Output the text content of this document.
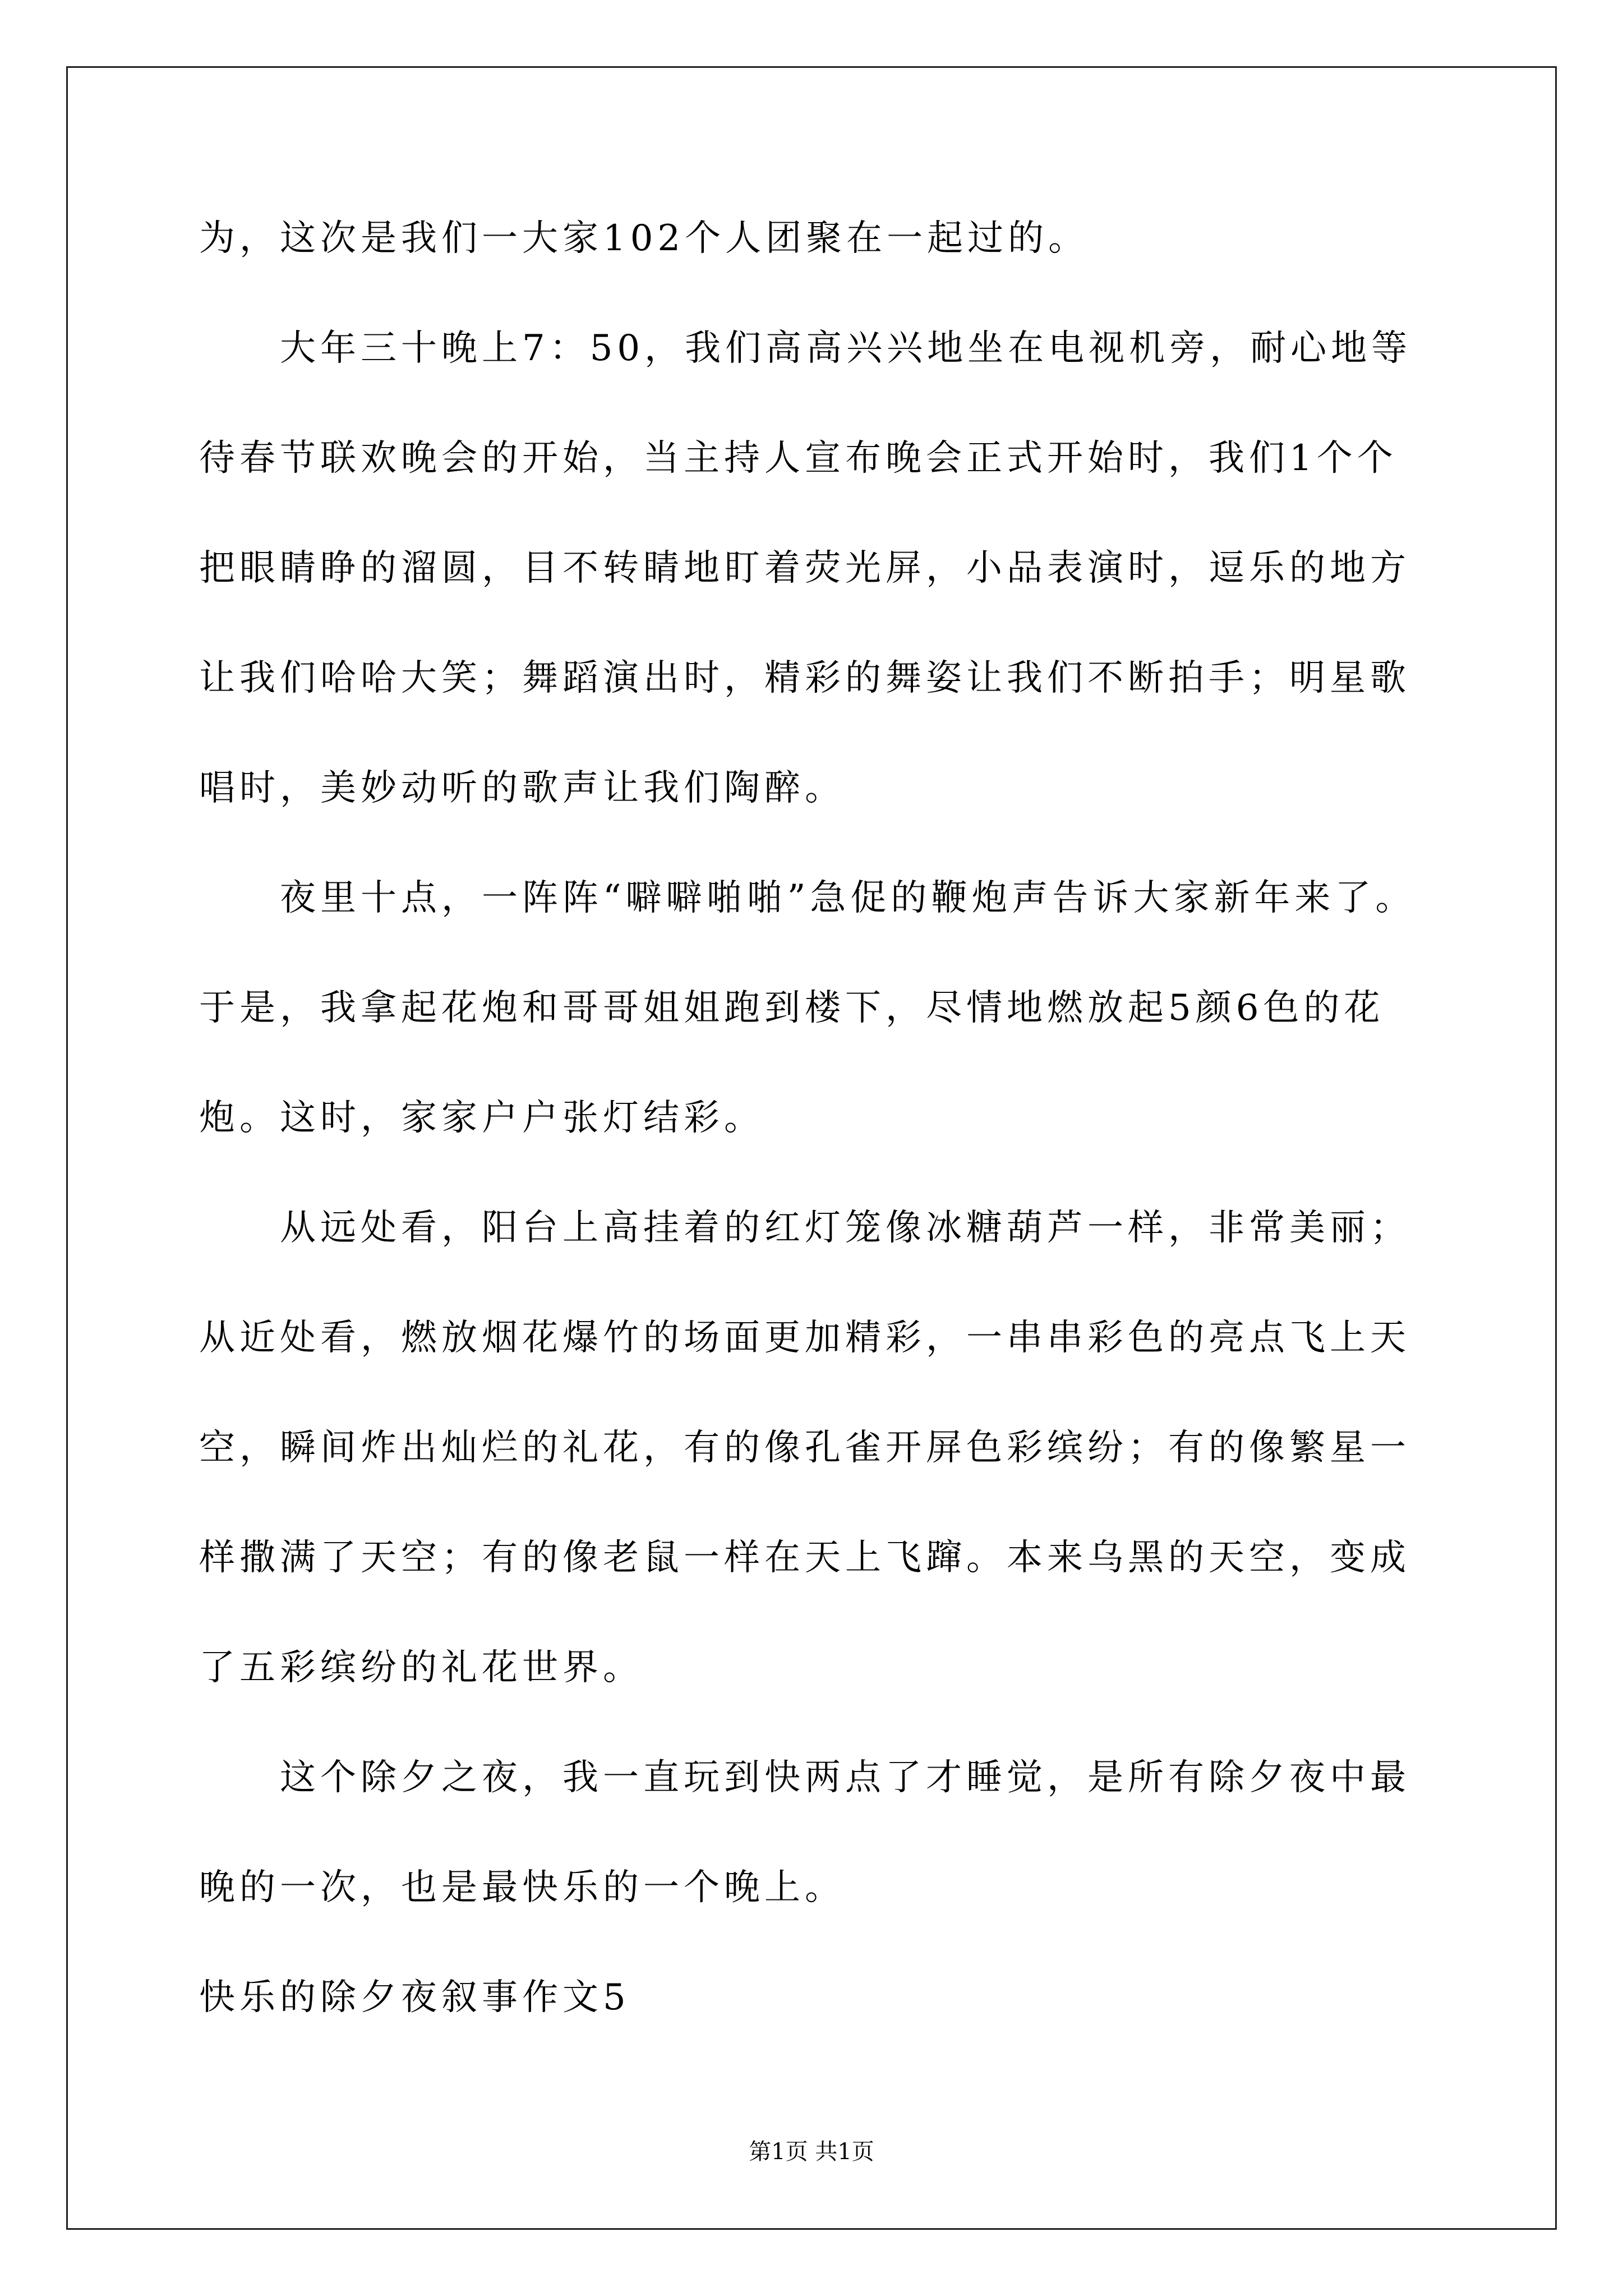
为，这次是我们一大家102个人团聚在一起过的。
大年三十晚上7：50，我们高高兴兴地坐在电视机旁，耐心地等
待春节联欢晚会的开始，当主持人宣布晚会正式开始时，我们1个个
把眼睛睁的溜圆，目不转睛地盯着荧光屏，小品表演时，逗乐的地方
让我们哈哈大笑；舞蹈演出时，精彩的舞姿让我们不断拍手；明星歌
唱时，美妙动听的歌声让我们陶醉。
夜里十点，一阵阵“噼噼啪啪”急促的鞭炮声告诉大家新年来了。
于是，我拿起花炮和哥哥姐姐跑到楼下，尽情地燃放起5颜6色的花
炮。这时，家家户户张灯结彩。
从远处看，阳台上高挂着的红灯笼像冰糖葫芦一样，非常美丽；
从近处看，燃放烟花爆竹的场面更加精彩，一串串彩色的亮点飞上天
空，瞬间炸出灿烂的礼花，有的像孔雀开屏色彩缤纷；有的像繁星一
样撒满了天空；有的像老鼠一样在天上飞蹿。本来乌黑的天空，变成
了五彩缤纷的礼花世界。
这个除夕之夜，我一直玩到快两点了才睡觉，是所有除夕夜中最
晚的一次，也是最快乐的一个晚上。
快乐的除夕夜叙事作文5
第1页 共1页
